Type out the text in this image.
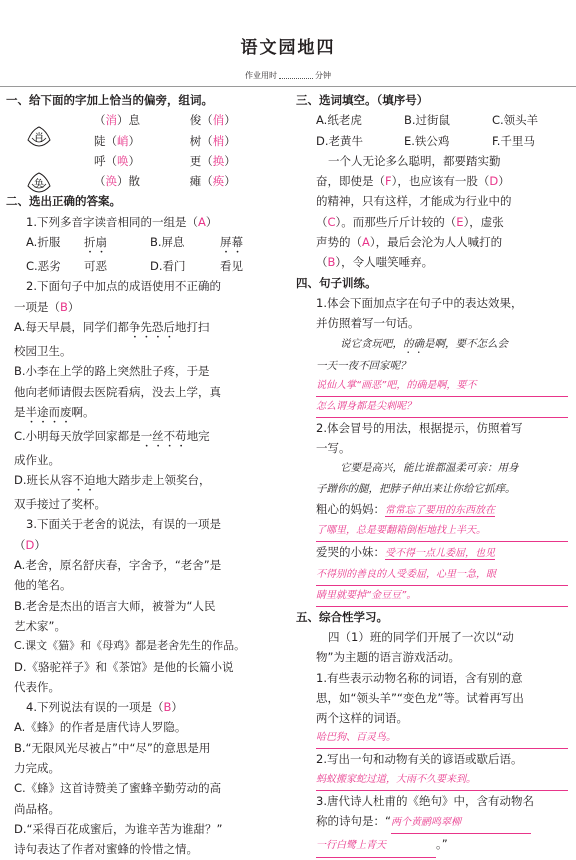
语文园地四
作业用时	分钟
肖

奂
一、给下面的字加上恰当的偏旁，组词。
（消）息	俊（俏）
陡（峭）	树（梢）
呼（唤）	更（换）
（涣）散	瘫（痪）
二、选出正确的答案。
1.下列多音字读音相同的一组是（A）
A.折服	折扇	B.屏息	屏幕
C.恶劣	可恶	D.看门	看见
2.下面句子中加点的成语使用不正确的
一项是（B）
A.每天早晨，同学们都争先恐后地打扫
校园卫生。
B.小李在上学的路上突然肚子疼，于是
他向老师请假去医院看病，没去上学，真
是半途而废啊。
C.小明每天放学回家都是一丝不苟地完
成作业。
D.班长从容不迫地大踏步走上领奖台，
双手接过了奖杯。
3.下面关于老舍的说法，有误的一项是
（D）
A.老舍，原名舒庆春，字舍予，“老舍”是
他的笔名。
B.老舍是杰出的语言大师，被誉为“人民
艺术家”。
C.课文《猫》和《母鸡》都是老舍先生的作品。
D.《骆驼祥子》和《茶馆》是他的长篇小说
代表作。
4.下列说法有误的一项是（B）
A.《蜂》的作者是唐代诗人罗隐。
B.“无限风光尽被占”中“尽”的意思是用
力完成。
C.《蜂》这首诗赞美了蜜蜂辛勤劳动的高
尚品格。
D.“采得百花成蜜后，为谁辛苦为谁甜？”
诗句表达了作者对蜜蜂的怜惜之情。
三、选词填空。（填序号）
A.纸老虎	B.过街鼠	C.领头羊
D.老黄牛	E.铁公鸡	F.千里马
一个人无论多么聪明，都要踏实勤
奋，即使是（F），也应该有一股（D）
的精神，只有这样，才能成为行业中的
（C）。而那些斤斤计较的（E），虚张
声势的（A），最后会沦为人人喊打的
（B），令人嗤笑唾弃。
四、句子训练。
1.体会下面加点字在句子中的表达效果，
并仿照着写一句话。
说它贪玩吧，的确是啊，要不怎么会
一天一夜不回家呢？
说仙人掌“画恶”吧，的确是啊，要不
怎么谓身都是尖刺呢？
2.体会冒号的用法，根据提示，仿照着写
一写。
它要是高兴，能比谁都温柔可亲：用身
子蹭你的腿，把脖子伸出来让你给它抓痒。
粗心的妈妈：常常忘了要用的东西放在
了哪里，总是要翻箱倒柜地找上半天。
爱哭的小妹：受不得一点儿委屈，也见
不得别的善良的人受委屈，心里一急，眼
睛里就要掉“金豆豆”。
五、综合性学习。
四（1）班的同学们开展了一次以“动
物”为主题的语言游戏活动。
1.有些表示动物名称的词语，含有别的意
思，如“领头羊”“变色龙”等。试着再写出
两个这样的词语。
哈巴狗、百灵鸟。
2.写出一句和动物有关的谚语或歇后语。
蚂蚁搬家蛇过道，大雨不久要来到。
3.唐代诗人杜甫的《绝句》中，含有动物名
称的诗句是：“两个黄鹂鸣翠柳
一行白鹭上青天	。”
